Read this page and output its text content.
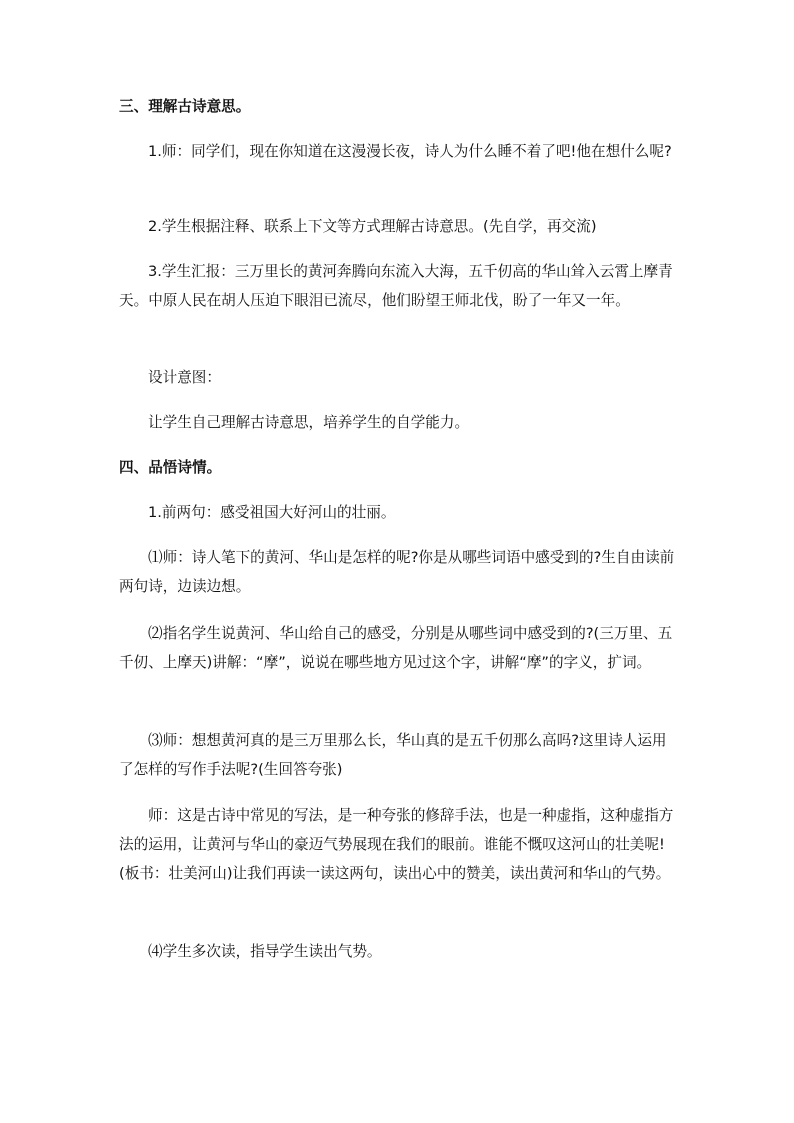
三、理解古诗意思。

1.师：同学们，现在你知道在这漫漫长夜，诗人为什么睡不着了吧!他在想什么呢?

2.学生根据注释、联系上下文等方式理解古诗意思。(先自学，再交流)

3.学生汇报：三万里长的黄河奔腾向东流入大海，五千仞高的华山耸入云霄上摩青天。中原人民在胡人压迫下眼泪已流尽，他们盼望王师北伐，盼了一年又一年。

设计意图：

让学生自己理解古诗意思，培养学生的自学能力。

四、品悟诗情。

1.前两句：感受祖国大好河山的壮丽。

⑴师：诗人笔下的黄河、华山是怎样的呢?你是从哪些词语中感受到的?生自由读前两句诗，边读边想。

⑵指名学生说黄河、华山给自己的感受，分别是从哪些词中感受到的?(三万里、五千仞、上摩天)讲解：“摩”，说说在哪些地方见过这个字，讲解“摩”的字义，扩词。

⑶师：想想黄河真的是三万里那么长，华山真的是五千仞那么高吗?这里诗人运用了怎样的写作手法呢?(生回答夸张)

师：这是古诗中常见的写法，是一种夸张的修辞手法，也是一种虚指，这种虚指方法的运用，让黄河与华山的豪迈气势展现在我们的眼前。谁能不慨叹这河山的壮美呢!(板书：壮美河山)让我们再读一读这两句，读出心中的赞美，读出黄河和华山的气势。

⑷学生多次读，指导学生读出气势。
